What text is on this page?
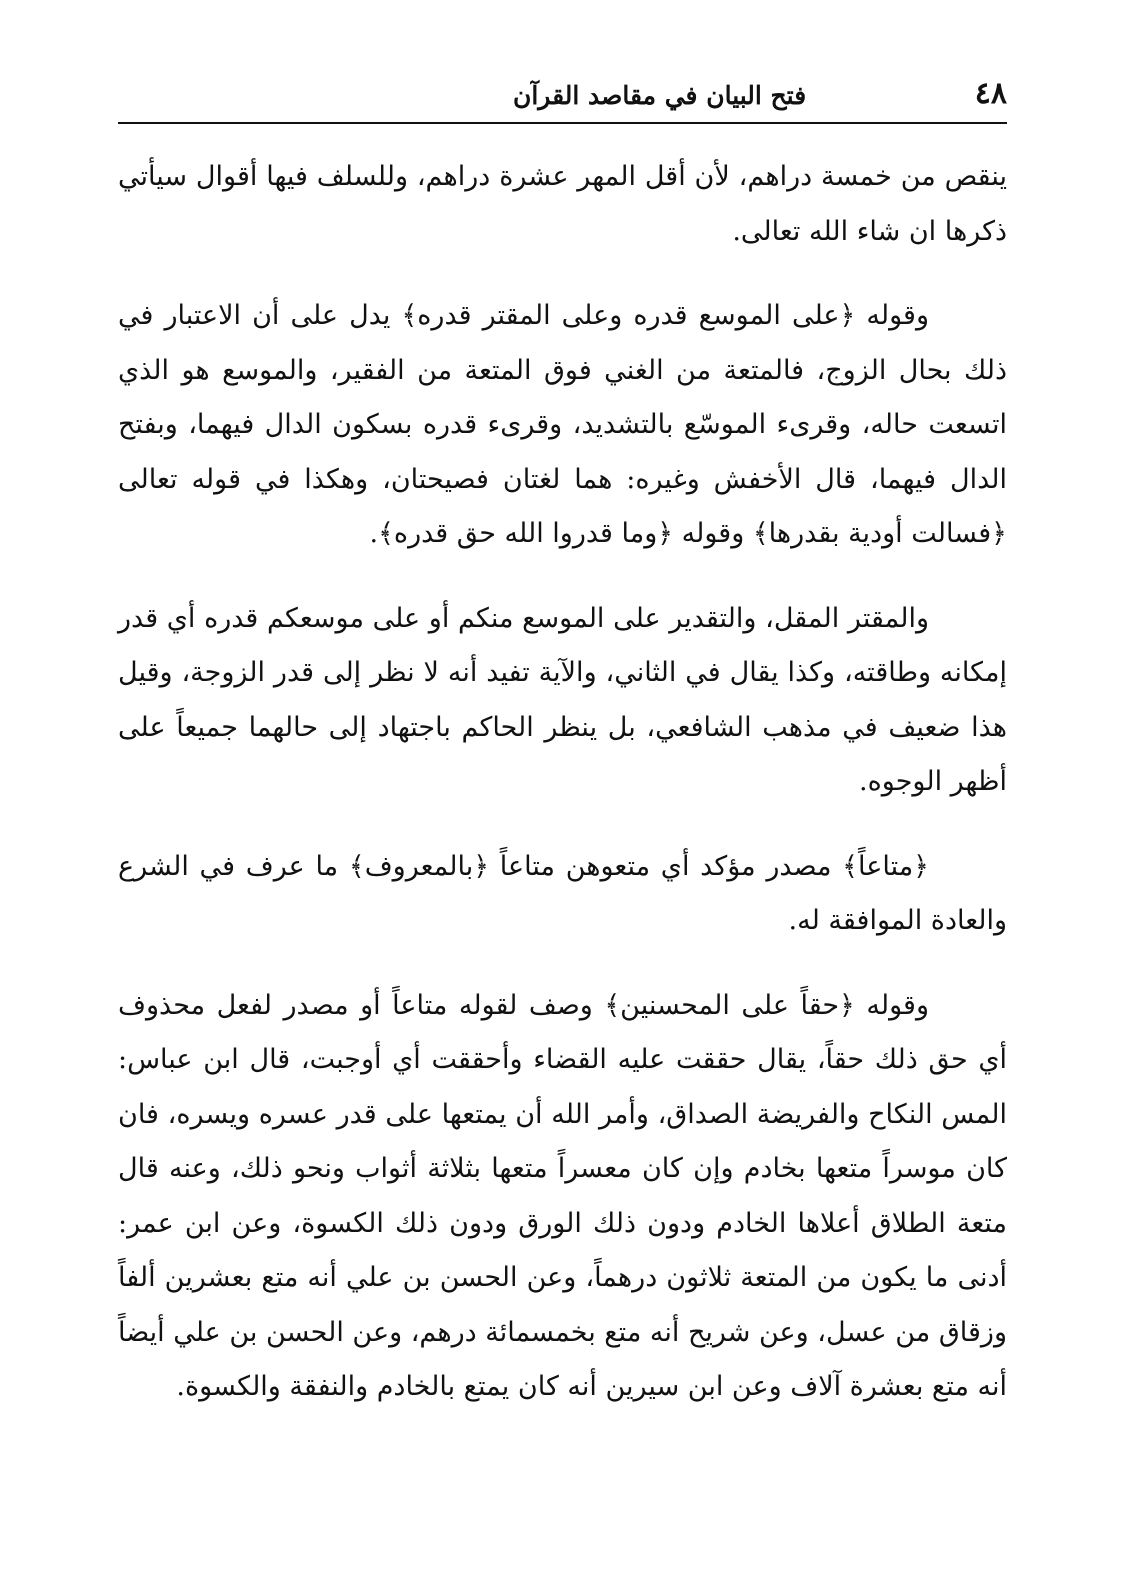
فتح البيان في مقاصد القرآن	٤٨

ينقص من خمسة دراهم، لأن أقل المهر عشرة دراهم، وللسلف فيها أقوال سيأتي ذكرها ان شاء الله تعالى.

وقوله ﴿على الموسع قدره وعلى المقتر قدره﴾ يدل على أن الاعتبار في ذلك بحال الزوج، فالمتعة من الغني فوق المتعة من الفقير، والموسع هو الذي اتسعت حاله، وقرىء الموسّع بالتشديد، وقرىء قدره بسكون الدال فيهما، وبفتح الدال فيهما، قال الأخفش وغيره: هما لغتان فصيحتان، وهكذا في قوله تعالى ﴿فسالت أودية بقدرها﴾ وقوله ﴿وما قدروا الله حق قدره﴾.

والمقتر المقل، والتقدير على الموسع منكم أو على موسعكم قدره أي قدر إمكانه وطاقته، وكذا يقال في الثاني، والآية تفيد أنه لا نظر إلى قدر الزوجة، وقيل هذا ضعيف في مذهب الشافعي، بل ينظر الحاكم باجتهاد إلى حالهما جميعاً على أظهر الوجوه.

﴿متاعاً﴾ مصدر مؤكد أي متعوهن متاعاً ﴿بالمعروف﴾ ما عرف في الشرع والعادة الموافقة له.

وقوله ﴿حقاً على المحسنين﴾ وصف لقوله متاعاً أو مصدر لفعل محذوف أي حق ذلك حقاً، يقال حققت عليه القضاء وأحققت أي أوجبت، قال ابن عباس: المس النكاح والفريضة الصداق، وأمر الله أن يمتعها على قدر عسره ويسره، فان كان موسراً متعها بخادم وإن كان معسراً متعها بثلاثة أثواب ونحو ذلك، وعنه قال متعة الطلاق أعلاها الخادم ودون ذلك الورق ودون ذلك الكسوة، وعن ابن عمر: أدنى ما يكون من المتعة ثلاثون درهماً، وعن الحسن بن علي أنه متع بعشرين ألفاً وزقاق من عسل، وعن شريح أنه متع بخمسمائة درهم، وعن الحسن بن علي أيضاً أنه متع بعشرة آلاف وعن ابن سيرين أنه كان يمتع بالخادم والنفقة والكسوة.
